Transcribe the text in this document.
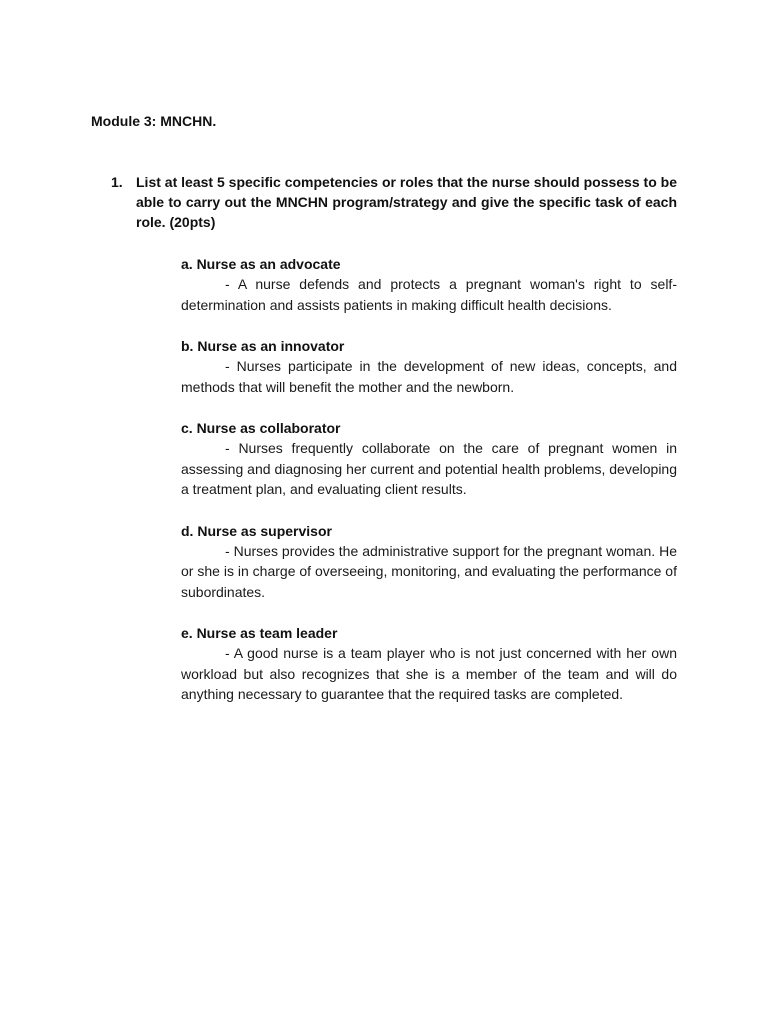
Module 3: MNCHN.
1. List at least 5 specific competencies or roles that the nurse should possess to be able to carry out the MNCHN program/strategy and give the specific task of each role. (20pts)

a. Nurse as an advocate

- A nurse defends and protects a pregnant woman's right to self-determination and assists patients in making difficult health decisions.

b. Nurse as an innovator

- Nurses participate in the development of new ideas, concepts, and methods that will benefit the mother and the newborn.

c. Nurse as collaborator

- Nurses frequently collaborate on the care of pregnant women in assessing and diagnosing her current and potential health problems, developing a treatment plan, and evaluating client results.

d. Nurse as supervisor

- Nurses provides the administrative support for the pregnant woman. He or she is in charge of overseeing, monitoring, and evaluating the performance of subordinates.

e. Nurse as team leader

- A good nurse is a team player who is not just concerned with her own workload but also recognizes that she is a member of the team and will do anything necessary to guarantee that the required tasks are completed.
